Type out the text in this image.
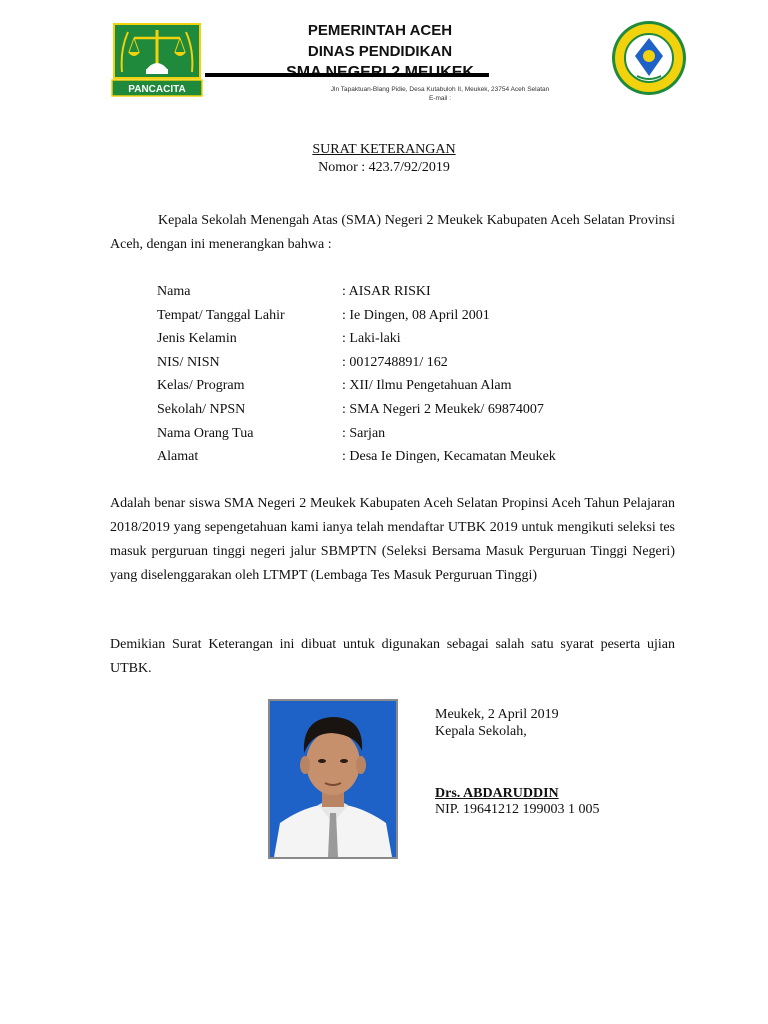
PANCACITA
PEMERINTAH ACEH
DINAS PENDIDIKAN
Jln Tapaktuan-Blang Pidie, Desa Kutabuloh II, Meukek, 23754 Aceh Selatan
E-mail :
SURAT KETERANGAN
Nomor : 423.7/92/2019
Kepala Sekolah Menengah Atas (SMA) Negeri 2 Meukek Kabupaten Aceh Selatan Provinsi Aceh, dengan ini menerangkan bahwa :
Nama	: AISAR RISKI
Tempat/ Tanggal Lahir	: Ie Dingen, 08 April 2001
Jenis Kelamin	: Laki-laki
NIS/ NISN	: 0012748891/ 162
Kelas/ Program	: XII/ Ilmu Pengetahuan Alam
Sekolah/ NPSN	: SMA Negeri 2 Meukek/ 69874007
Nama Orang Tua	: Sarjan
Alamat	: Desa Ie Dingen, Kecamatan Meukek
Adalah benar siswa SMA Negeri 2 Meukek Kabupaten Aceh Selatan Propinsi Aceh Tahun Pelajaran 2018/2019 yang sepengetahuan kami ianya telah mendaftar UTBK 2019 untuk mengikuti seleksi tes masuk perguruan tinggi negeri jalur SBMPTN (Seleksi Bersama Masuk Perguruan Tinggi Negeri) yang diselenggarakan oleh LTMPT (Lembaga Tes Masuk Perguruan Tinggi)
Demikian Surat Keterangan ini dibuat untuk digunakan sebagai salah satu syarat peserta ujian UTBK.
Meukek, 2 April 2019
Kepala Sekolah,
Drs. ABDARUDDIN
NIP. 19641212 199003 1 005
